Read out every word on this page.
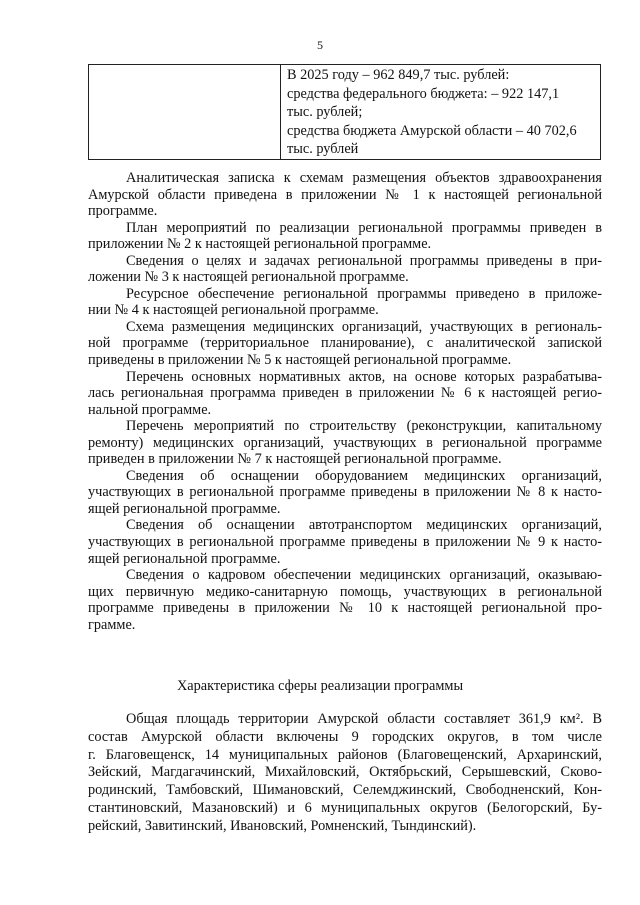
5

В 2025 году – 962 849,7 тыс. рублей:
средства федерального бюджета: – 922 147,1
тыс. рублей;
средства бюджета Амурской области – 40 702,6
тыс. рублей

Аналитическая записка к схемам размещения объектов здравоохранения
Амурской области приведена в приложении № 1 к настоящей региональной
программе.

План мероприятий по реализации региональной программы приведен в
приложении № 2 к настоящей региональной программе.

Сведения о целях и задачах региональной программы приведены в при-
ложении № 3 к настоящей региональной программе.

Ресурсное обеспечение региональной программы приведено в приложе-
нии № 4 к настоящей региональной программе.

Схема размещения медицинских организаций, участвующих в региональ-
ной программе (территориальное планирование), с аналитической запиской
приведены в приложении № 5 к настоящей региональной программе.

Перечень основных нормативных актов, на основе которых разрабатыва-
лась региональная программа приведен в приложении № 6 к настоящей регио-
нальной программе.

Перечень мероприятий по строительству (реконструкции, капитальному
ремонту) медицинских организаций, участвующих в региональной программе
приведен в приложении № 7 к настоящей региональной программе.

Сведения об оснащении оборудованием медицинских организаций,
участвующих в региональной программе приведены в приложении № 8 к насто-
ящей региональной программе.

Сведения об оснащении автотранспортом медицинских организаций,
участвующих в региональной программе приведены в приложении № 9 к насто-
ящей региональной программе.

Сведения о кадровом обеспечении медицинских организаций, оказываю-
щих первичную медико-санитарную помощь, участвующих в региональной
программе приведены в приложении № 10 к настоящей региональной про-
грамме.

Характеристика сферы реализации программы
Общая площадь территории Амурской области составляет 361,9 км². В
состав Амурской области включены 9 городских округов, в том числе
г. Благовещенск, 14 муниципальных районов (Благовещенский, Архаринский,
Зейский, Магдагачинский, Михайловский, Октябрьский, Серышевский, Сково-
родинский, Тамбовский, Шимановский, Селемджинский, Свободненский, Кон-
стантиновский, Мазановский) и 6 муниципальных округов (Белогорский, Бу-
рейский, Завитинский, Ивановский, Ромненский, Тындинский).
